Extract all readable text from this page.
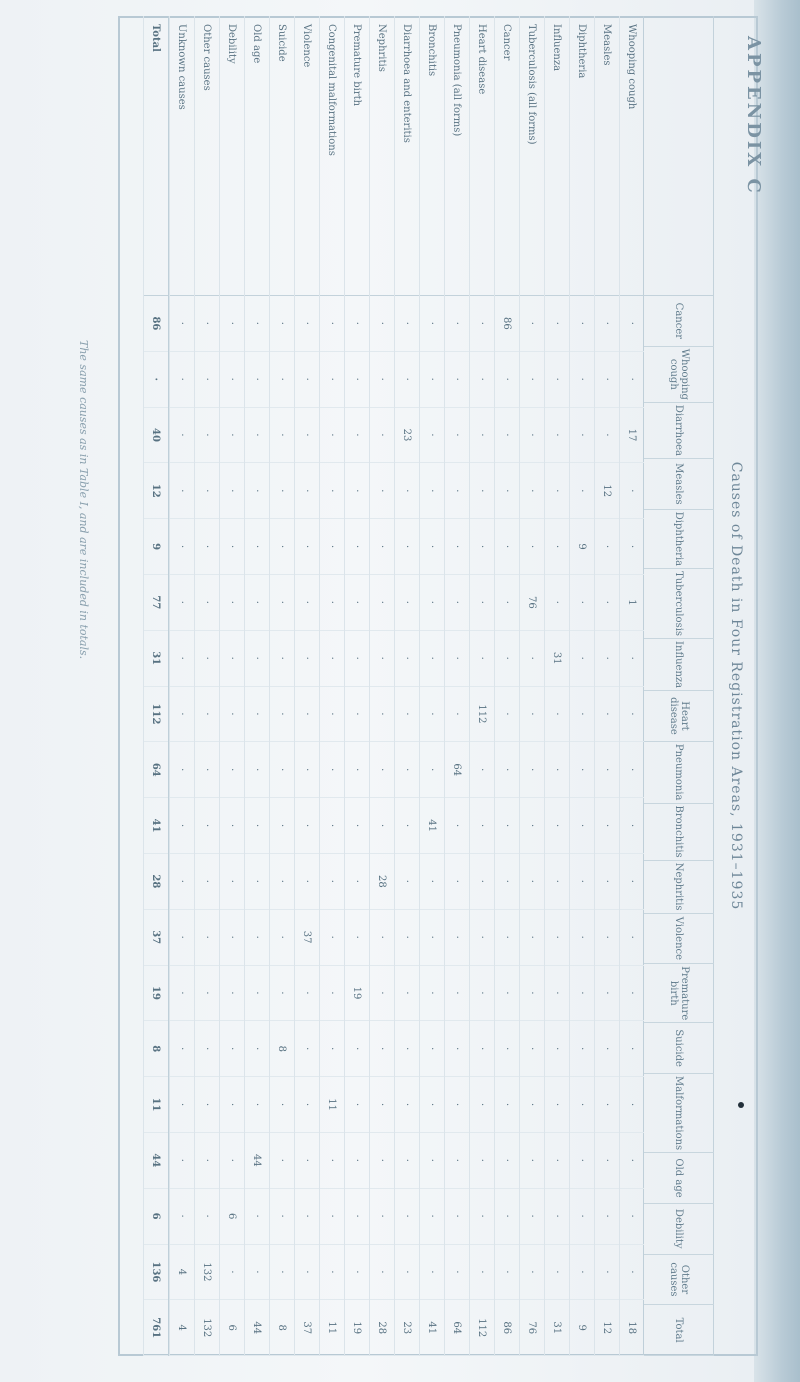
APPENDIX C
Causes of Death in Four Registration Areas, 1931–1935
Cancer
Whooping cough
Diarrhoea
Measles
Diphtheria
Tuberculosis
Influenza
Heart disease
Pneumonia
Bronchitis
Nephritis
Violence
Premature birth
Suicide
Malformations
Old age
Debility
Other causes
Total
Whooping cough
·
·
17
·
·
1
·
·
·
·
·
·
·
·
·
·
·
·
18
Measles
·
·
·
12
·
·
·
·
·
·
·
·
·
·
·
·
·
·
12
Diphtheria
·
·
·
·
9
·
·
·
·
·
·
·
·
·
·
·
·
·
9
Influenza
·
·
·
·
·
·
31
·
·
·
·
·
·
·
·
·
·
·
31
Tuberculosis (all forms)
·
·
·
·
·
76
·
·
·
·
·
·
·
·
·
·
·
·
76
Cancer
86
·
·
·
·
·
·
·
·
·
·
·
·
·
·
·
·
·
86
Heart disease
·
·
·
·
·
·
·
112
·
·
·
·
·
·
·
·
·
·
112
Pneumonia (all forms)
·
·
·
·
·
·
·
·
64
·
·
·
·
·
·
·
·
·
64
Bronchitis
·
·
·
·
·
·
·
·
·
41
·
·
·
·
·
·
·
·
41
Diarrhoea and enteritis
·
·
23
·
·
·
·
·
·
·
·
·
·
·
·
·
·
·
23
Nephritis
·
·
·
·
·
·
·
·
·
·
28
·
·
·
·
·
·
·
28
Premature birth
·
·
·
·
·
·
·
·
·
·
·
·
19
·
·
·
·
·
19
Congenital malformations
·
·
·
·
·
·
·
·
·
·
·
·
·
·
11
·
·
·
11
Violence
·
·
·
·
·
·
·
·
·
·
·
37
·
·
·
·
·
·
37
Suicide
·
·
·
·
·
·
·
·
·
·
·
·
·
8
·
·
·
·
8
Old age
·
·
·
·
·
·
·
·
·
·
·
·
·
·
·
44
·
·
44
Debility
·
·
·
·
·
·
·
·
·
·
·
·
·
·
·
·
6
·
6
Other causes
·
·
·
·
·
·
·
·
·
·
·
·
·
·
·
·
·
132
132
Unknown causes
·
·
·
·
·
·
·
·
·
·
·
·
·
·
·
·
·
4
4
Total
86
·
40
12
9
77
31
112
64
41
28
37
19
8
11
44
6
136
761
The same causes as in Table I, and are included in totals.
